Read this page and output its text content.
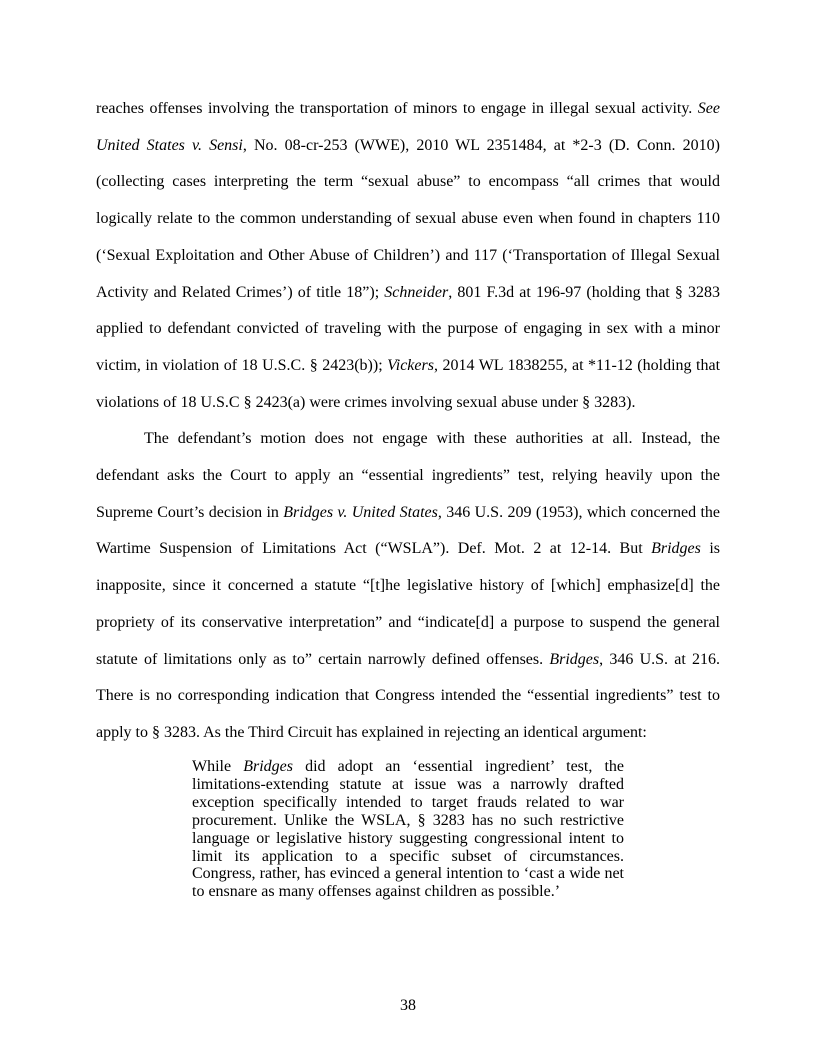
reaches offenses involving the transportation of minors to engage in illegal sexual activity. See United States v. Sensi, No. 08-cr-253 (WWE), 2010 WL 2351484, at *2-3 (D. Conn. 2010) (collecting cases interpreting the term “sexual abuse” to encompass “all crimes that would logically relate to the common understanding of sexual abuse even when found in chapters 110 (‘Sexual Exploitation and Other Abuse of Children’) and 117 (‘Transportation of Illegal Sexual Activity and Related Crimes’) of title 18”); Schneider, 801 F.3d at 196-97 (holding that § 3283 applied to defendant convicted of traveling with the purpose of engaging in sex with a minor victim, in violation of 18 U.S.C. § 2423(b)); Vickers, 2014 WL 1838255, at *11-12 (holding that violations of 18 U.S.C § 2423(a) were crimes involving sexual abuse under § 3283).

The defendant’s motion does not engage with these authorities at all. Instead, the defendant asks the Court to apply an “essential ingredients” test, relying heavily upon the Supreme Court’s decision in Bridges v. United States, 346 U.S. 209 (1953), which concerned the Wartime Suspension of Limitations Act (“WSLA”). Def. Mot. 2 at 12-14. But Bridges is inapposite, since it concerned a statute “[t]he legislative history of [which] emphasize[d] the propriety of its conservative interpretation” and “indicate[d] a purpose to suspend the general statute of limitations only as to” certain narrowly defined offenses. Bridges, 346 U.S. at 216. There is no corresponding indication that Congress intended the “essential ingredients” test to apply to § 3283. As the Third Circuit has explained in rejecting an identical argument:

While Bridges did adopt an ‘essential ingredient’ test, the limitations-extending statute at issue was a narrowly drafted exception specifically intended to target frauds related to war procurement. Unlike the WSLA, § 3283 has no such restrictive language or legislative history suggesting congressional intent to limit its application to a specific subset of circumstances. Congress, rather, has evinced a general intention to ‘cast a wide net to ensnare as many offenses against children as possible.’

38
